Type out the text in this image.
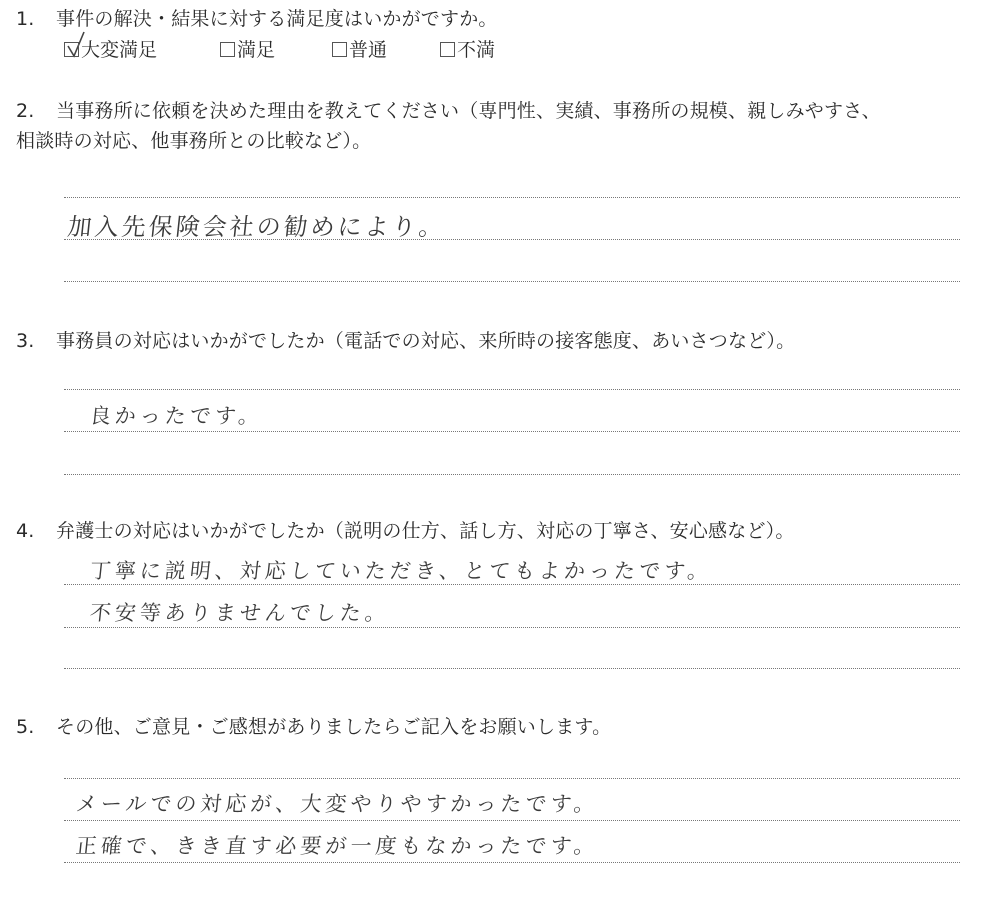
1. 事件の解決・結果に対する満足度はいかがですか。
大変満足	満足	普通	不満
2. 当事務所に依頼を決めた理由を教えてください（専門性、実績、事務所の規模、親しみやすさ、
相談時の対応、他事務所との比較など）。
加入先保険会社の勧めにより。
3. 事務員の対応はいかがでしたか（電話での対応、来所時の接客態度、あいさつなど）。
良かったです。
4. 弁護士の対応はいかがでしたか（説明の仕方、話し方、対応の丁寧さ、安心感など）。
丁寧に説明、対応していただき、とてもよかったです。
不安等ありませんでした。
5. その他、ご意見・ご感想がありましたらご記入をお願いします。
メールでの対応が、大変やりやすかったです。
正確で、きき直す必要が一度もなかったです。
